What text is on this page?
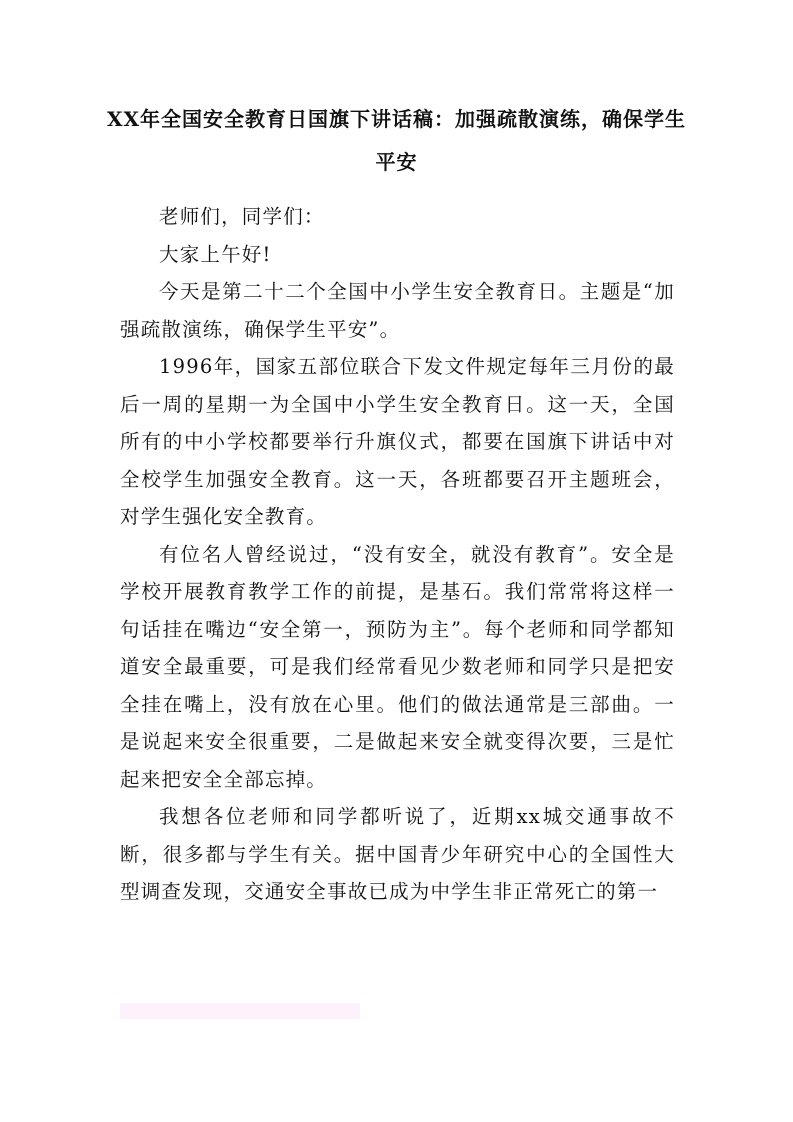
XX年全国安全教育日国旗下讲话稿：加强疏散演练，确保学生平安

老师们，同学们：

大家上午好!

今天是第二十二个全国中小学生安全教育日。主题是“加强疏散演练，确保学生平安”。

1996年，国家五部位联合下发文件规定每年三月份的最后一周的星期一为全国中小学生安全教育日。这一天，全国所有的中小学校都要举行升旗仪式，都要在国旗下讲话中对全校学生加强安全教育。这一天，各班都要召开主题班会，对学生强化安全教育。

有位名人曾经说过，“没有安全，就没有教育”。安全是学校开展教育教学工作的前提，是基石。我们常常将这样一句话挂在嘴边“安全第一，预防为主”。每个老师和同学都知道安全最重要，可是我们经常看见少数老师和同学只是把安全挂在嘴上，没有放在心里。他们的做法通常是三部曲。一是说起来安全很重要，二是做起来安全就变得次要，三是忙起来把安全全部忘掉。

我想各位老师和同学都听说了，近期xx城交通事故不断，很多都与学生有关。据中国青少年研究中心的全国性大型调查发现，交通安全事故已成为中学生非正常死亡的第一
